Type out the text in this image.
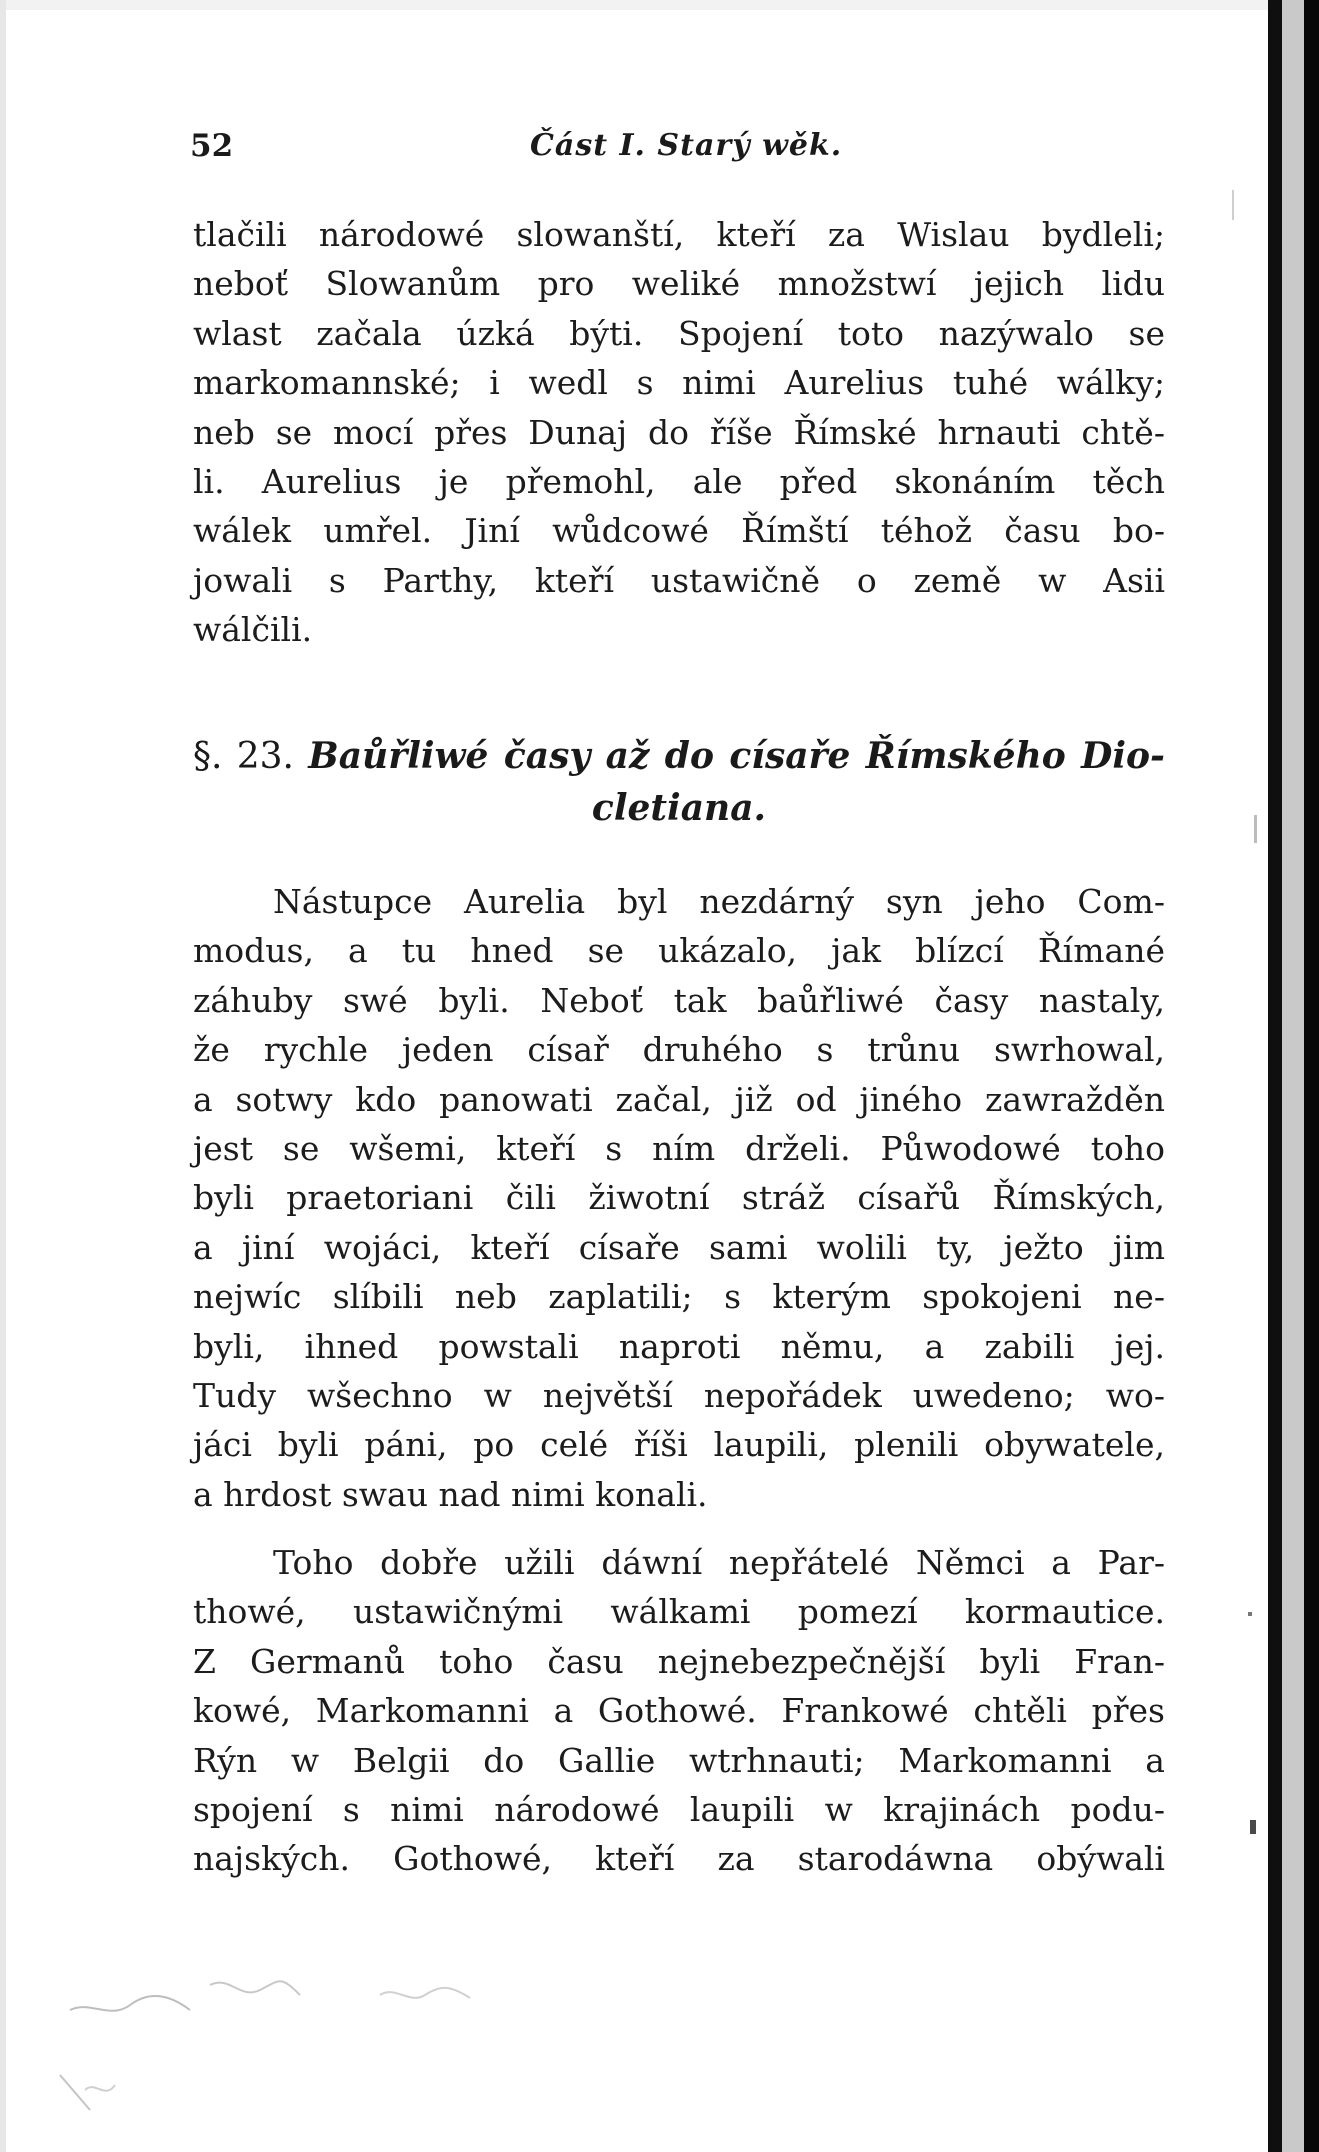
52	Část I. Starý wěk.
tlačili národowé slowanští, kteří za Wislau bydleli;
neboť Slowanům pro weliké množstwí jejich lidu
wlast začala úzká býti. Spojení toto nazýwalo se
markomannské; i wedl s nimi Aurelius tuhé wálky;
neb se mocí přes Dunaj do říše Římské hrnauti chtě-
li. Aurelius je přemohl, ale před skonáním těch
wálek umřel. Jiní wůdcowé Římští téhož času bo-
jowali s Parthy, kteří ustawičně o země w Asii
wálčili.
§. 23. Baůřliwé časy až do císaře Římského Dio-
cletiana.
Nástupce Aurelia byl nezdárný syn jeho Com-
modus, a tu hned se ukázalo, jak blízcí Římané
záhuby swé byli. Neboť tak baůřliwé časy nastaly,
že rychle jeden císař druhého s trůnu swrhowal,
a sotwy kdo panowati začal, již od jiného zawražděn
jest se wšemi, kteří s ním drželi. Půwodowé toho
byli praetoriani čili žiwotní stráž císařů Římských,
a jiní wojáci, kteří císaře sami wolili ty, ježto jim
nejwíc slíbili neb zaplatili; s kterým spokojeni ne-
byli, ihned powstali naproti němu, a zabili jej.
Tudy wšechno w největší nepořádek uwedeno; wo-
jáci byli páni, po celé říši laupili, plenili obywatele,
a hrdost swau nad nimi konali.
Toho dobře užili dáwní nepřátelé Němci a Par-
thowé, ustawičnými wálkami pomezí kormautice.
Z Germanů toho času nejnebezpečnější byli Fran-
kowé, Markomanni a Gothowé. Frankowé chtěli přes
Rýn w Belgii do Gallie wtrhnauti; Markomanni a
spojení s nimi národowé laupili w krajinách podu-
najských. Gothowé, kteří za starodáwna obýwali
